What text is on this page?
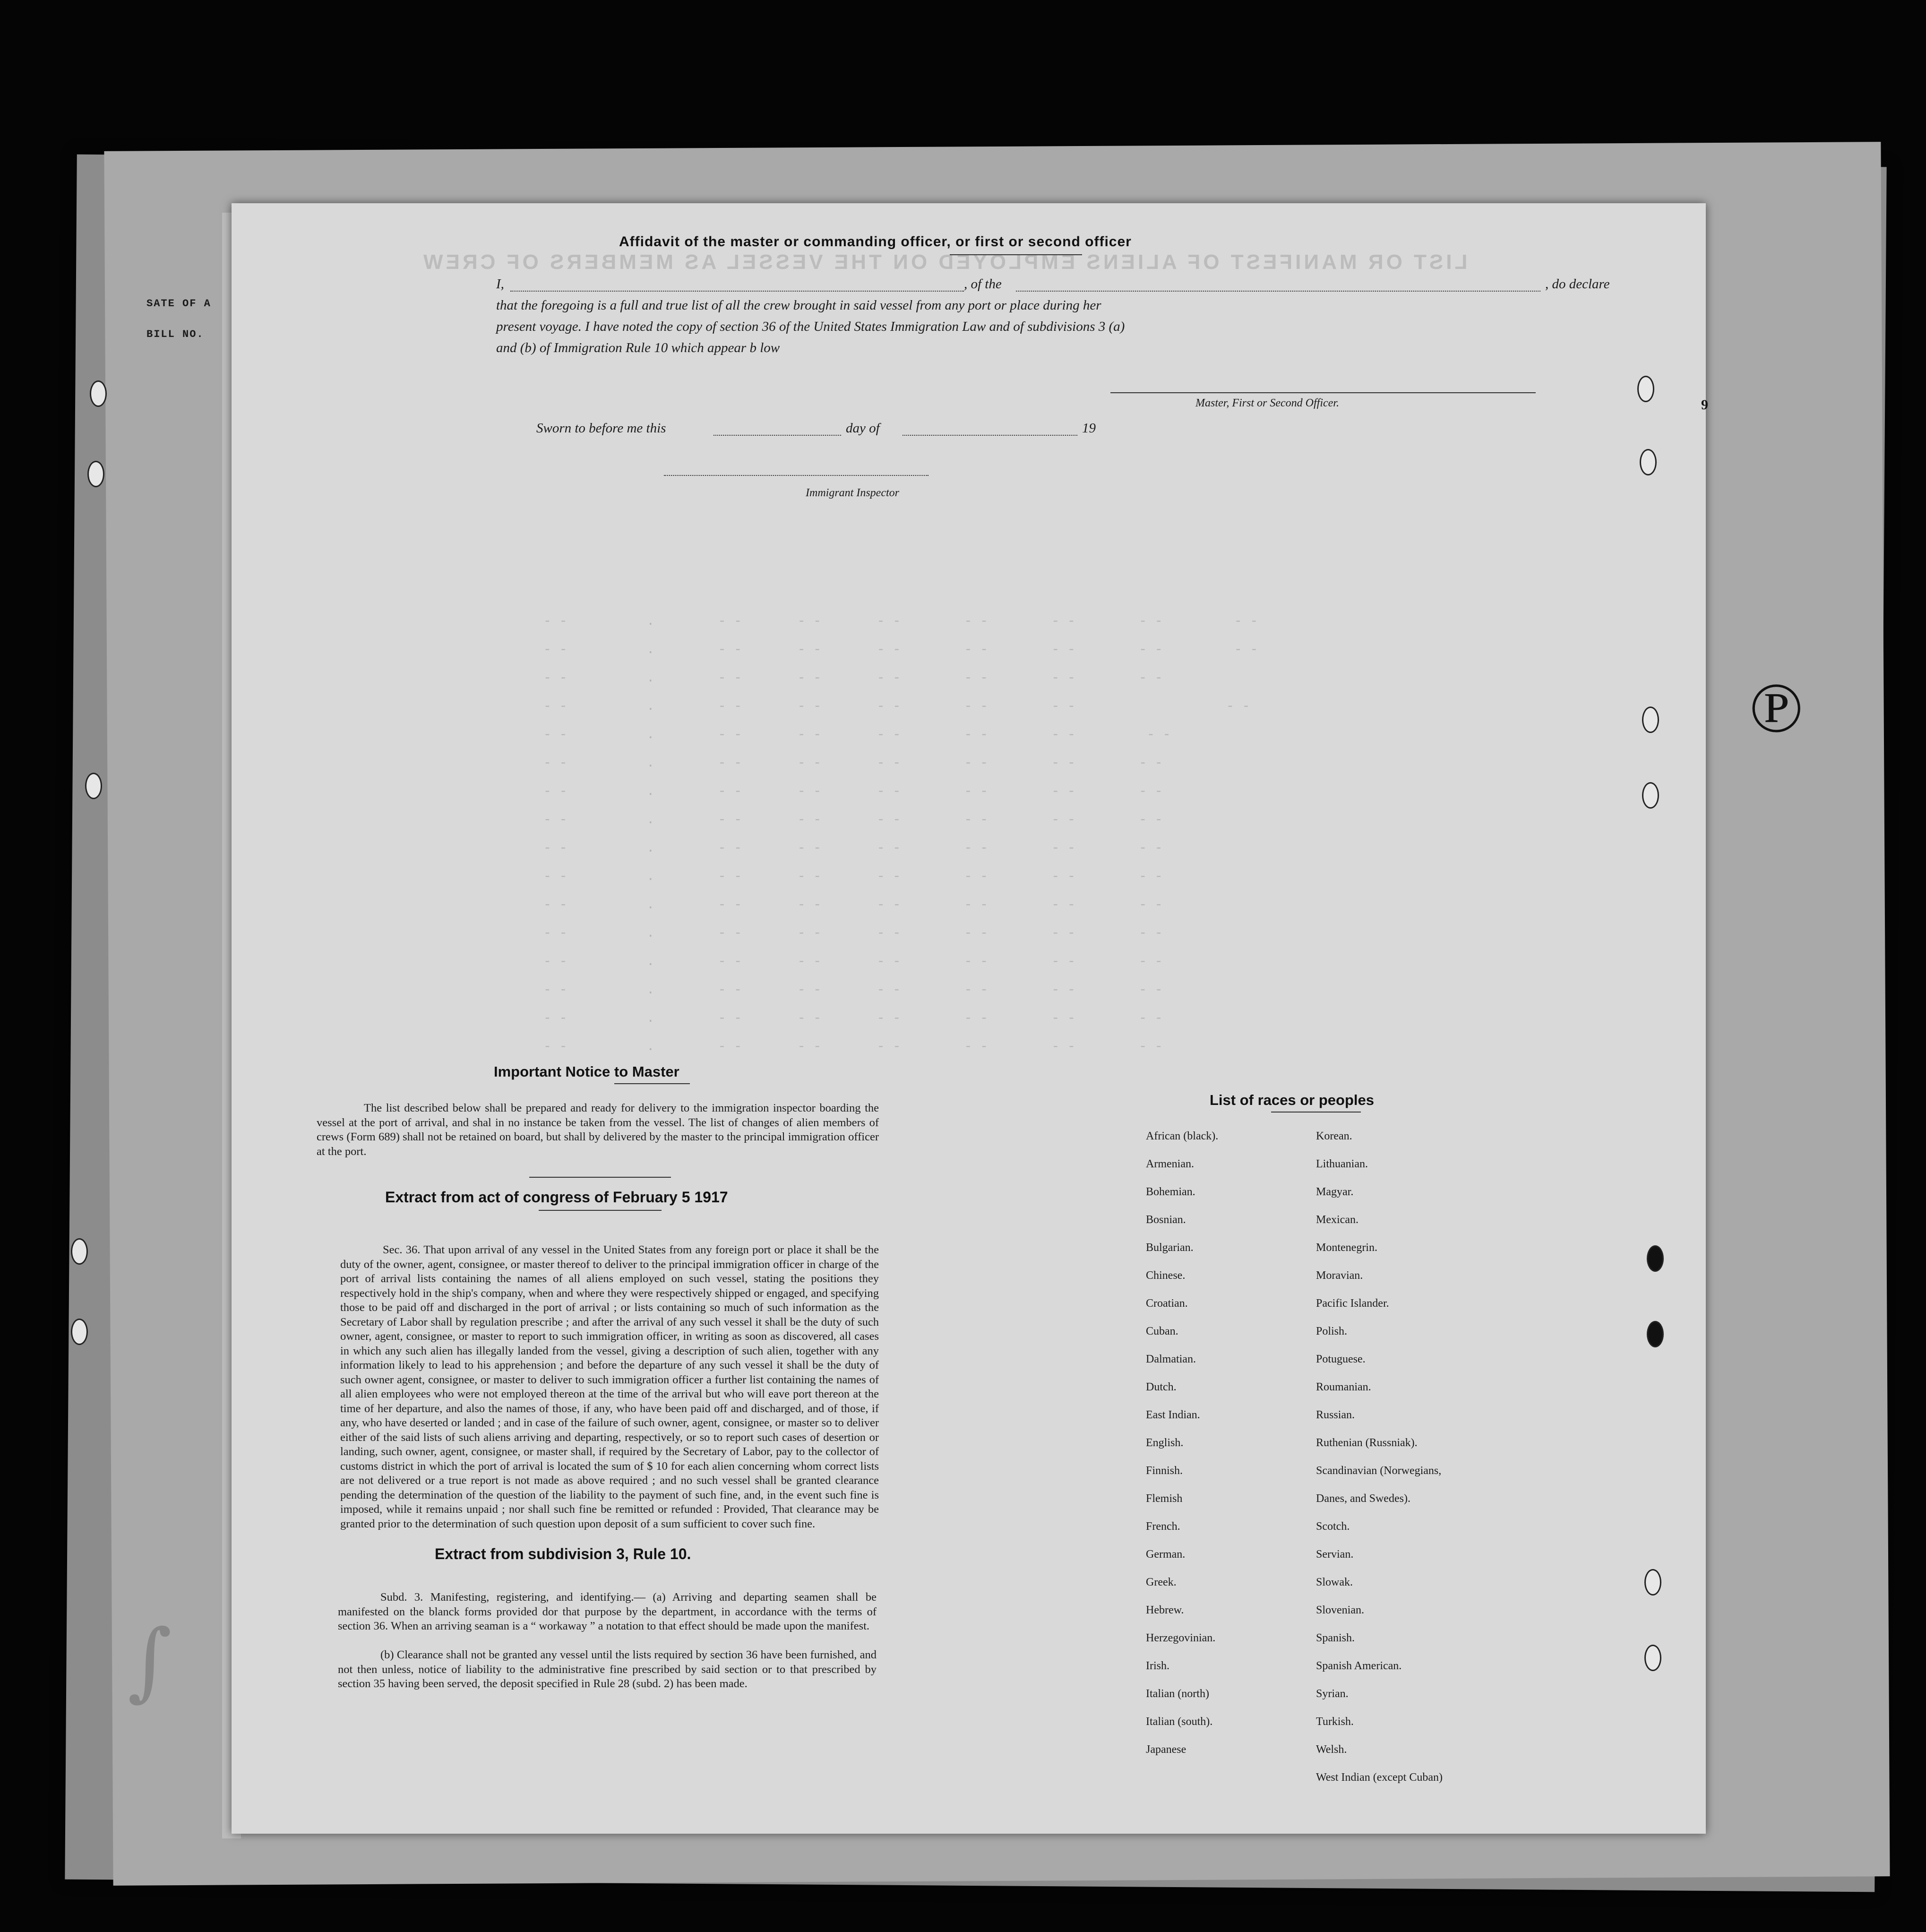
SATE OF A
BILL NO.
LIST OR MANIFEST OF ALIENS EMPLOYED ON THE VESSEL AS MEMBERS OF CREW
- -          .        - -       - -       - -        - -        - -        - -         - -
- -          .        - -       - -       - -        - -        - -        - -         - -
- -          .        - -       - -       - -        - -        - -        - -
- -          .        - -       - -       - -        - -        - -                   - -
- -          .        - -       - -       - -        - -        - -         - -
- -          .        - -       - -       - -        - -        - -        - -
- -          .        - -       - -       - -        - -        - -        - -
- -          .        - -       - -       - -        - -        - -        - -
- -          .        - -       - -       - -        - -        - -        - -
- -          .        - -       - -       - -        - -        - -        - -
- -          .        - -       - -       - -        - -        - -        - -
- -          .        - -       - -       - -        - -        - -        - -
- -          .        - -       - -       - -        - -        - -        - -
- -          .        - -       - -       - -        - -        - -        - -
- -          .        - -       - -       - -        - -        - -        - -
- -          .        - -       - -       - -        - -        - -        - -
Affidavit of the master or commanding officer, or first or second officer
I,	, of the	, do declare
that the foregoing is a full and true list of all the crew brought in said vessel from any port or place during her
present voyage. I have noted the copy of section 36 of the United States Immigration Law and of subdivisions 3 (a)
and (b) of Immigration Rule 10 which appear b low
Master, First or Second Officer.	9
Sworn to before me this	day of	19
Immigrant Inspector
Important Notice to Master
The list described below shall be prepared and ready for delivery to the immigration inspector boarding the vessel at the port of arrival, and shal in no instance be taken from the vessel. The list of changes of alien members of crews (Form 689) shall not be retained on board, but shall by delivered by the master to the principal immigration officer at the port.
Extract from act of congress of February 5 1917
Sec. 36. That upon arrival of any vessel in the United States from any foreign port or place it shall be the duty of the owner, agent, consignee, or master thereof to deliver to the principal immigration officer in charge of the port of arrival lists containing the names of all aliens employed on such vessel, stating the positions they respectively hold in the ship's company, when and where they were respectively shipped or engaged, and specifying those to be paid off and discharged in the port of arrival ; or lists containing so much of such information as the Secretary of Labor shall by regulation prescribe ; and after the arrival of any such vessel it shall be the duty of such owner, agent, consignee, or master to report to such immigration officer, in writing as soon as discovered, all cases in which any such alien has illegally landed from the vessel, giving a description of such alien, together with any information likely to lead to his apprehension ; and before the departure of any such vessel it shall be the duty of such owner agent, consignee, or master to deliver to such immigration officer a further list containing the names of all alien employees who were not employed thereon at the time of the arrival but who will eave port thereon at the time of her departure, and also the names of those, if any, who have been paid off and discharged, and of those, if any, who have deserted or landed ; and in case of the failure of such owner, agent, consignee, or master so to deliver either of the said lists of such aliens arriving and departing, respectively, or so to report such cases of desertion or landing, such owner, agent, consignee, or master shall, if required by the Secretary of Labor, pay to the collector of customs district in which the port of arrival is located the sum of $ 10 for each alien concerning whom correct lists are not delivered or a true report is not made as above required ; and no such vessel shall be granted clearance pending the determination of the question of the liability to the payment of such fine, and, in the event such fine is imposed, while it remains unpaid ; nor shall such fine be remitted or refunded : Provided, That clearance may be granted prior to the determination of such question upon deposit of a sum sufficient to cover such fine.
Extract from subdivision 3, Rule 10.
Subd. 3. Manifesting, registering, and identifying.— (a) Arriving and departing seamen shall be manifested on the blanck forms provided dor that purpose by the department, in accordance with the terms of section 36. When an arriving seaman is a “ workaway ” a notation to that effect should be made upon the manifest.
(b) Clearance shall not be granted any vessel until the lists required by section 36 have been furnished, and not then unless, notice of liability to the administrative fine prescribed by said section or to that prescribed by section 35 having been served, the deposit specified in Rule 28 (subd. 2) has been made.
List of races or peoples
African (black).
Armenian.
Bohemian.
Bosnian.
Bulgarian.
Chinese.
Croatian.
Cuban.
Dalmatian.
Dutch.
East Indian.
English.
Finnish.
Flemish
French.
German.
Greek.
Hebrew.
Herzegovinian.
Irish.
Italian (north)
Italian (south).
Japanese
Korean.
Lithuanian.
Magyar.
Mexican.
Montenegrin.
Moravian.
Pacific Islander.
Polish.
Potuguese.
Roumanian.
Russian.
Ruthenian (Russniak).
Scandinavian (Norwegians,
Danes, and Swedes).
Scotch.
Servian.
Slowak.
Slovenian.
Spanish.
Spanish American.
Syrian.
Turkish.
Welsh.
West Indian (except Cuban)
℗
∫
